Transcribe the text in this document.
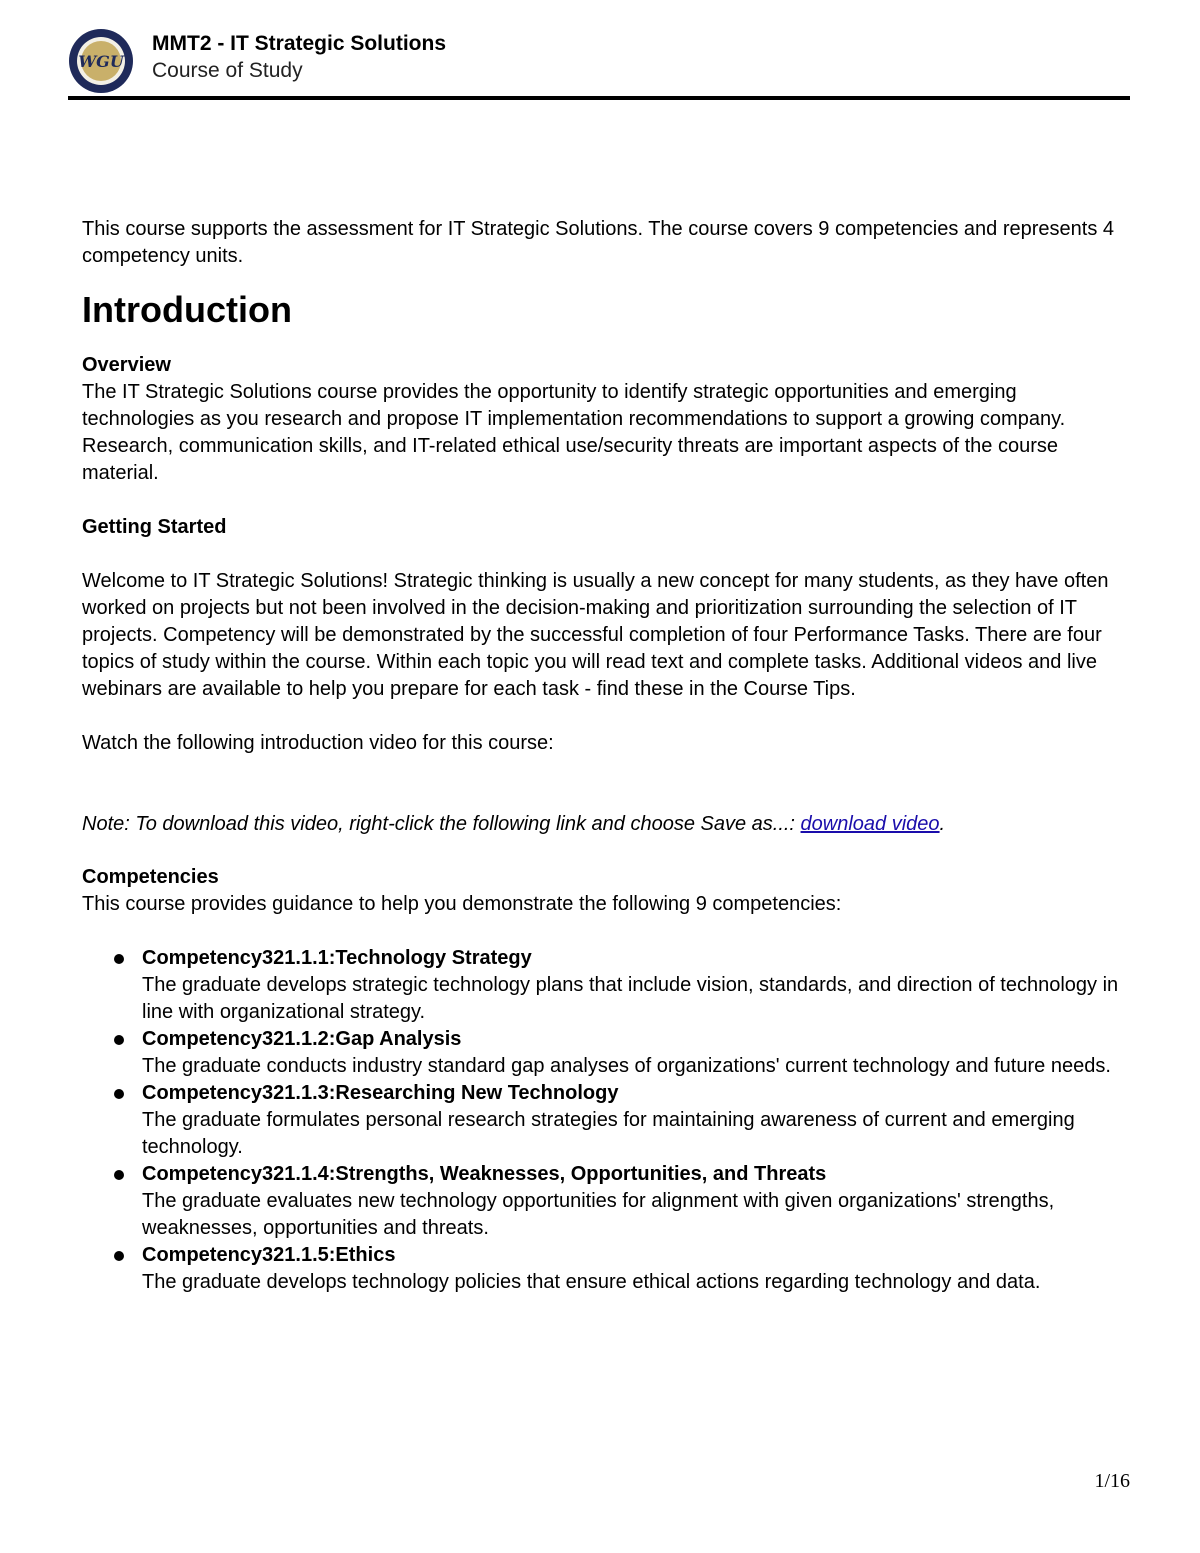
WGU
MMT2 - IT Strategic Solutions
Course of Study

This course supports the assessment for IT Strategic Solutions. The course covers 9 competencies and represents 4 competency units.

Introduction
Overview

The IT Strategic Solutions course provides the opportunity to identify strategic opportunities and emerging technologies as you research and propose IT implementation recommendations to support a growing company. Research, communication skills, and IT-related ethical use/security threats are important aspects of the course material.

Getting Started

Welcome to IT Strategic Solutions! Strategic thinking is usually a new concept for many students, as they have often worked on projects but not been involved in the decision-making and prioritization surrounding the selection of IT projects. Competency will be demonstrated by the successful completion of four Performance Tasks. There are four topics of study within the course. Within each topic you will read text and complete tasks. Additional videos and live webinars are available to help you prepare for each task - find these in the Course Tips.

Watch the following introduction video for this course:

Note: To download this video, right-click the following link and choose Save as...: download video.

Competencies

This course provides guidance to help you demonstrate the following 9 competencies:

Competency321.1.1:Technology Strategy
The graduate develops strategic technology plans that include vision, standards, and direction of technology in line with organizational strategy.
Competency321.1.2:Gap Analysis
The graduate conducts industry standard gap analyses of organizations' current technology and future needs.
Competency321.1.3:Researching New Technology
The graduate formulates personal research strategies for maintaining awareness of current and emerging technology.
Competency321.1.4:Strengths, Weaknesses, Opportunities, and Threats
The graduate evaluates new technology opportunities for alignment with given organizations' strengths, weaknesses, opportunities and threats.
Competency321.1.5:Ethics
The graduate develops technology policies that ensure ethical actions regarding technology and data.
1/16
